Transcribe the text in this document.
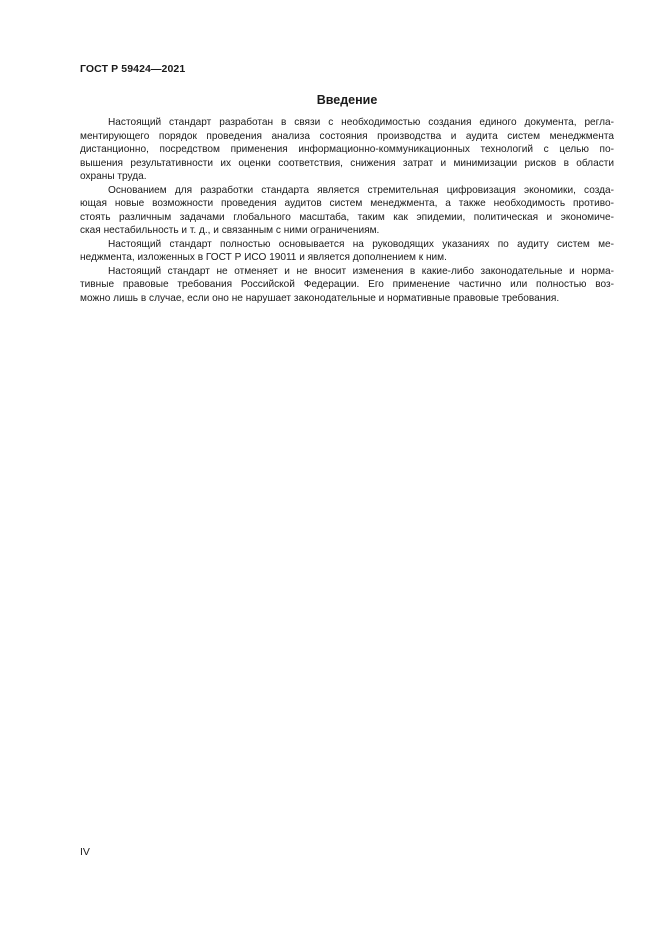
ГОСТ Р 59424—2021
Введение
Настоящий стандарт разработан в связи с необходимостью создания единого документа, регла-
ментирующего порядок проведения анализа состояния производства и аудита систем менеджмента
дистанционно, посредством применения информационно-коммуникационных технологий с целью по-
вышения результативности их оценки соответствия, снижения затрат и минимизации рисков в области
охраны труда.
Основанием для разработки стандарта является стремительная цифровизация экономики, созда-
ющая новые возможности проведения аудитов систем менеджмента, а также необходимость противо-
стоять различным задачами глобального масштаба, таким как эпидемии, политическая и экономиче-
ская нестабильность и т. д., и связанным с ними ограничениям.
Настоящий стандарт полностью основывается на руководящих указаниях по аудиту систем ме-
неджмента, изложенных в ГОСТ Р ИСО 19011 и является дополнением к ним.
Настоящий стандарт не отменяет и не вносит изменения в какие-либо законодательные и норма-
тивные правовые требования Российской Федерации. Его применение частично или полностью воз-
можно лишь в случае, если оно не нарушает законодательные и нормативные правовые требования.
IV
